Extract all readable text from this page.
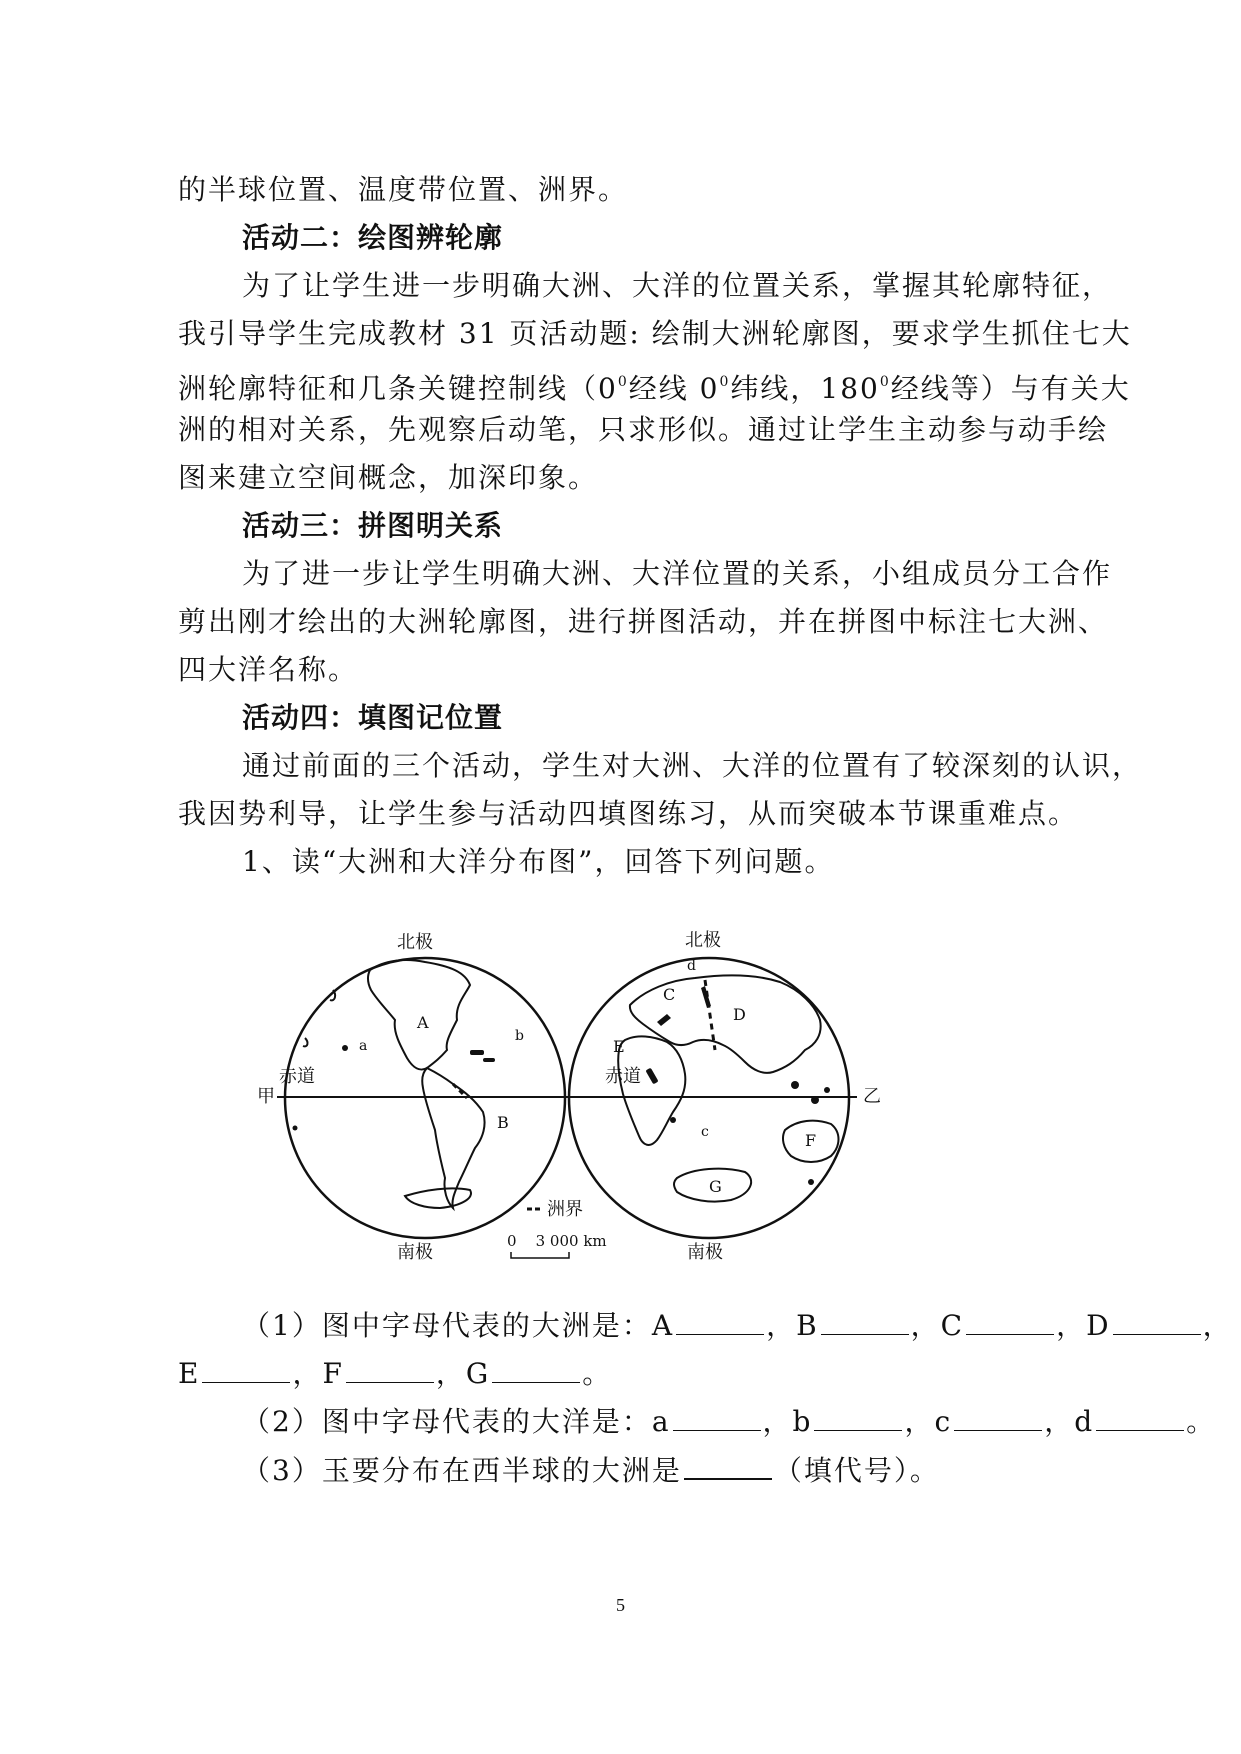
的半球位置、温度带位置、洲界。
活动二：绘图辨轮廓
为了让学生进一步明确大洲、大洋的位置关系，掌握其轮廓特征，
我引导学生完成教材 31 页活动题: 绘制大洲轮廓图，要求学生抓住七大
洲轮廓特征和几条关键控制线（$0^0$经线 $0^0$纬线，$180^0$经线等）与有关大
洲的相对关系，先观察后动笔，只求形似。通过让学生主动参与动手绘
图来建立空间概念，加深印象。
活动三：拼图明关系
为了进一步让学生明确大洲、大洋位置的关系，小组成员分工合作
剪出刚才绘出的大洲轮廓图，进行拼图活动，并在拼图中标注七大洲、
四大洋名称。
活动四：填图记位置
通过前面的三个活动，学生对大洲、大洋的位置有了较深刻的认识，
我因势利导，让学生参与活动四填图练习，从而突破本节课重难点。
1、读“大洲和大洋分布图”，回答下列问题。
北极	北极
南极	南极
赤道	赤道
甲	乙
A
B
C
D
E
F
G
a
b
c
d
洲界
0    3 000 km
（1）图中字母代表的大洲是：A	，B	，C	，D	，
E	，F	，G	。
（2）图中字母代表的大洋是：a	，b	，c	，d	。
（3）玉要分布在西半球的大洲是	（填代号）。
5
